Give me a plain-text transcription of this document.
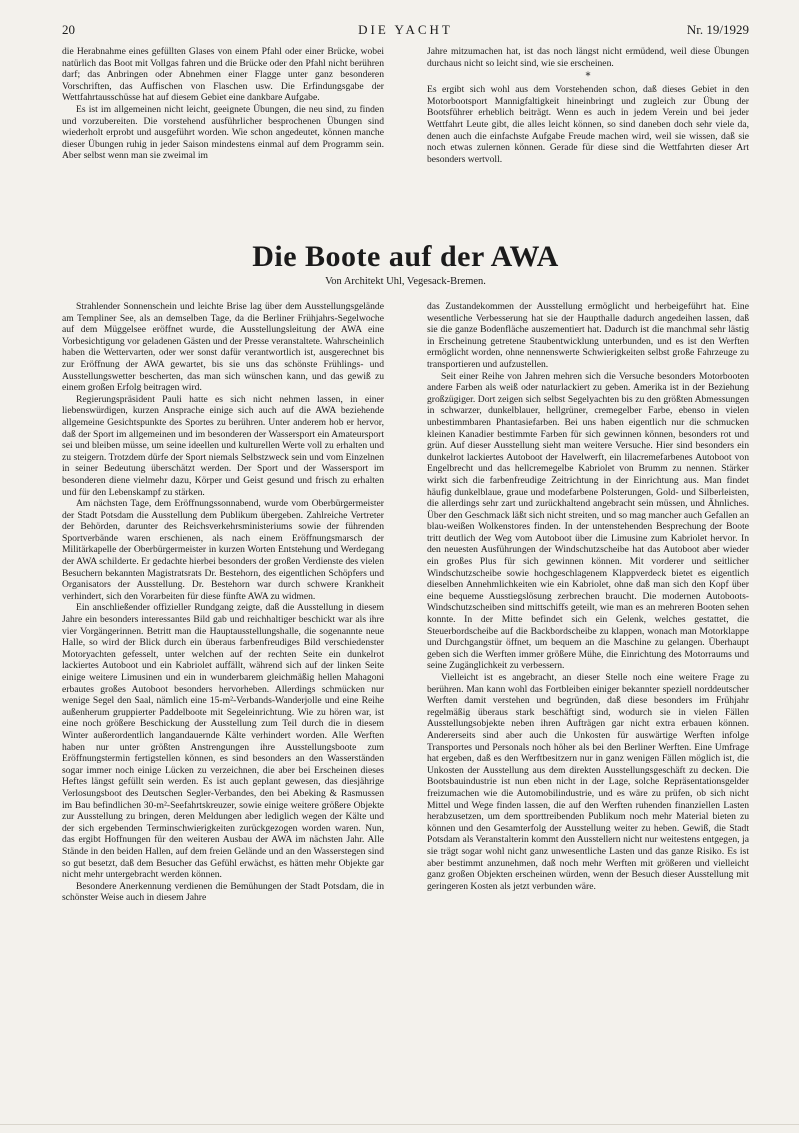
20	DIE YACHT	Nr. 19/1929

die Herabnahme eines gefüllten Glases von einem Pfahl oder einer Brücke, wobei natürlich das Boot mit Vollgas fahren und die Brücke oder den Pfahl nicht berühren darf; das Anbringen oder Abnehmen einer Flagge unter ganz besonderen Vorschriften, das Auffischen von Flaschen usw. Die Erfindungsgabe der Wettfahrtausschüsse hat auf diesem Gebiet eine dankbare Aufgabe.

Es ist im allgemeinen nicht leicht, geeignete Übungen, die neu sind, zu finden und vorzubereiten. Die vorstehend ausführlicher besprochenen Übungen sind wiederholt erprobt und ausgeführt worden. Wie schon angedeutet, können manche dieser Übungen ruhig in jeder Saison mindestens einmal auf dem Programm sein. Aber selbst wenn man sie zweimal im

Jahre mitzumachen hat, ist das noch längst nicht ermüdend, weil diese Übungen durchaus nicht so leicht sind, wie sie erscheinen.

*

Es ergibt sich wohl aus dem Vorstehenden schon, daß dieses Gebiet in den Motorbootsport Mannigfaltigkeit hineinbringt und zugleich zur Übung der Bootsführer erheblich beiträgt. Wenn es auch in jedem Verein und bei jeder Wettfahrt Leute gibt, die alles leicht können, so sind daneben doch sehr viele da, denen auch die einfachste Aufgabe Freude machen wird, weil sie wissen, daß sie noch etwas zulernen können. Gerade für diese sind die Wettfahrten dieser Art besonders wertvoll.

Die Boote auf der AWA
Von Architekt Uhl, Vegesack-Bremen.

Strahlender Sonnenschein und leichte Brise lag über dem Ausstellungsgelände am Templiner See, als an demselben Tage, da die Berliner Frühjahrs-Segelwoche auf dem Müggelsee eröffnet wurde, die Ausstellungsleitung der AWA eine Vorbesichtigung vor geladenen Gästen und der Presse veranstaltete. Wahrscheinlich haben die Wettervarten, oder wer sonst dafür verantwortlich ist, ausgerechnet bis zur Eröffnung der AWA gewartet, bis sie uns das schönste Frühlings- und Ausstellungswetter bescherten, das man sich wünschen kann, und das gewiß zu einem großen Erfolg beitragen wird.

Regierungspräsident Pauli hatte es sich nicht nehmen lassen, in einer liebenswürdigen, kurzen Ansprache einige sich auch auf die AWA beziehende allgemeine Gesichtspunkte des Sportes zu berühren. Unter anderem hob er hervor, daß der Sport im allgemeinen und im besonderen der Wassersport ein Amateursport sei und bleiben müsse, um seine ideellen und kulturellen Werte voll zu erhalten und zu steigern. Trotzdem dürfe der Sport niemals Selbstzweck sein und vom Einzelnen in seiner Bedeutung überschätzt werden. Der Sport und der Wassersport im besonderen diene vielmehr dazu, Körper und Geist gesund und frisch zu erhalten und für den Lebenskampf zu stärken.

Am nächsten Tage, dem Eröffnungssonnabend, wurde vom Oberbürgermeister der Stadt Potsdam die Ausstellung dem Publikum übergeben. Zahlreiche Vertreter der Behörden, darunter des Reichsverkehrsministeriums sowie der führenden Sportverbände waren erschienen, als nach einem Eröffnungsmarsch der Militärkapelle der Oberbürgermeister in kurzen Worten Entstehung und Werdegang der AWA schilderte. Er gedachte hierbei besonders der großen Verdienste des vielen Besuchern bekannten Magistratsrats Dr. Bestehorn, des eigentlichen Schöpfers und Organisators der Ausstellung. Dr. Bestehorn war durch schwere Krankheit verhindert, sich den Vorarbeiten für diese fünfte AWA zu widmen.

Ein anschließender offizieller Rundgang zeigte, daß die Ausstellung in diesem Jahre ein besonders interessantes Bild gab und reichhaltiger beschickt war als ihre vier Vorgängerinnen. Betritt man die Hauptausstellungshalle, die sogenannte neue Halle, so wird der Blick durch ein überaus farbenfreudiges Bild verschiedenster Motoryachten gefesselt, unter welchen auf der rechten Seite ein dunkelrot lackiertes Autoboot und ein Kabriolet auffällt, während sich auf der linken Seite einige weitere Limusinen und ein in wunderbarem gleichmäßig hellen Mahagoni erbautes großes Autoboot besonders hervorheben. Allerdings schmücken nur wenige Segel den Saal, nämlich eine 15-m²-Verbands-Wanderjolle und eine Reihe außenherum gruppierter Paddelboote mit Segeleinrichtung. Wie zu hören war, ist eine noch größere Beschickung der Ausstellung zum Teil durch die in diesem Winter außerordentlich langandauernde Kälte verhindert worden. Alle Werften haben nur unter größten Anstrengungen ihre Ausstellungsboote zum Eröffnungstermin fertigstellen können, es sind besonders an den Wasserständen sogar immer noch einige Lücken zu verzeichnen, die aber bei Erscheinen dieses Heftes längst gefüllt sein werden. Es ist auch geplant gewesen, das diesjährige Verlosungsboot des Deutschen Segler-Verbandes, den bei Abeking & Rasmussen im Bau befindlichen 30-m²-Seefahrtskreuzer, sowie einige weitere größere Objekte zur Ausstellung zu bringen, deren Meldungen aber lediglich wegen der Kälte und der sich ergebenden Terminschwierigkeiten zurückgezogen worden waren. Nun, das ergibt Hoffnungen für den weiteren Ausbau der AWA im nächsten Jahr. Alle Stände in den beiden Hallen, auf dem freien Gelände und an den Wasserstegen sind so gut besetzt, daß dem Besucher das Gefühl erwächst, es hätten mehr Objekte gar nicht mehr untergebracht werden können.

Besondere Anerkennung verdienen die Bemühungen der Stadt Potsdam, die in schönster Weise auch in diesem Jahre

das Zustandekommen der Ausstellung ermöglicht und herbeigeführt hat. Eine wesentliche Verbesserung hat sie der Haupthalle dadurch angedeihen lassen, daß sie die ganze Bodenfläche auszementiert hat. Dadurch ist die manchmal sehr lästig in Erscheinung getretene Staubentwicklung unterbunden, und es ist den Werften ermöglicht worden, ohne nennenswerte Schwierigkeiten selbst große Fahrzeuge zu transportieren und aufzustellen.

Seit einer Reihe von Jahren mehren sich die Versuche besonders Motorbooten andere Farben als weiß oder naturlackiert zu geben. Amerika ist in der Beziehung großzügiger. Dort zeigen sich selbst Segelyachten bis zu den größten Abmessungen in schwarzer, dunkelblauer, hellgrüner, cremegelber Farbe, ebenso in vielen unbestimmbaren Phantasiefarben. Bei uns haben eigentlich nur die schmucken kleinen Kanadier bestimmte Farben für sich gewinnen können, besonders rot und grün. Auf dieser Ausstellung sieht man weitere Versuche. Hier sind besonders ein dunkelrot lackiertes Autoboot der Havelwerft, ein lilacremefarbenes Autoboot von Engelbrecht und das hellcremegelbe Kabriolet von Brumm zu nennen. Stärker wirkt sich die farbenfreudige Zeitrichtung in der Einrichtung aus. Man findet häufig dunkelblaue, graue und modefarbene Polsterungen, Gold- und Silberleisten, die allerdings sehr zart und zurückhaltend angebracht sein müssen, und Ähnliches. Über den Geschmack läßt sich nicht streiten, und so mag mancher auch Gefallen an blau-weißen Wolkenstores finden. In der untenstehenden Besprechung der Boote tritt deutlich der Weg vom Autoboot über die Limusine zum Kabriolet hervor. In den neuesten Ausführungen der Windschutzscheibe hat das Autoboot aber wieder ein großes Plus für sich gewinnen können. Mit vorderer und seitlicher Windschutzscheibe sowie hochgeschlagenem Klappverdeck bietet es eigentlich dieselben Annehmlichkeiten wie ein Kabriolet, ohne daß man sich den Kopf über eine bequeme Ausstiegslösung zerbrechen braucht. Die modernen Autoboots-Windschutzscheiben sind mittschiffs geteilt, wie man es an mehreren Booten sehen konnte. In der Mitte befindet sich ein Gelenk, welches gestattet, die Steuerbordscheibe auf die Backbordscheibe zu klappen, wonach man Motorklappe und Durchgangstür öffnet, um bequem an die Maschine zu gelangen. Überhaupt geben sich die Werften immer größere Mühe, die Einrichtung des Motorraums und seine Zugänglichkeit zu verbessern.

Vielleicht ist es angebracht, an dieser Stelle noch eine weitere Frage zu berühren. Man kann wohl das Fortbleiben einiger bekannter speziell norddeutscher Werften damit verstehen und begründen, daß diese besonders im Frühjahr regelmäßig überaus stark beschäftigt sind, wodurch sie in vielen Fällen Ausstellungsobjekte neben ihren Aufträgen gar nicht extra erbauen können. Andererseits sind aber auch die Unkosten für auswärtige Werften infolge Transportes und Personals noch höher als bei den Berliner Werften. Eine Umfrage hat ergeben, daß es den Werftbesitzern nur in ganz wenigen Fällen möglich ist, die Unkosten der Ausstellung aus dem direkten Ausstellungsgeschäft zu decken. Die Bootsbauindustrie ist nun eben nicht in der Lage, solche Repräsentationsgelder freizumachen wie die Automobilindustrie, und es wäre zu prüfen, ob sich nicht Mittel und Wege finden lassen, die auf den Werften ruhenden finanziellen Lasten herabzusetzen, um dem sporttreibenden Publikum noch mehr Material bieten zu können und den Gesamterfolg der Ausstellung weiter zu heben. Gewiß, die Stadt Potsdam als Veranstalterin kommt den Ausstellern nicht nur weitestens entgegen, ja sie trägt sogar wohl nicht ganz unwesentliche Lasten und das ganze Risiko. Es ist aber bestimmt anzunehmen, daß noch mehr Werften mit größeren und vielleicht ganz großen Objekten erscheinen würden, wenn der Besuch dieser Ausstellung mit geringeren Kosten als jetzt verbunden wäre.
